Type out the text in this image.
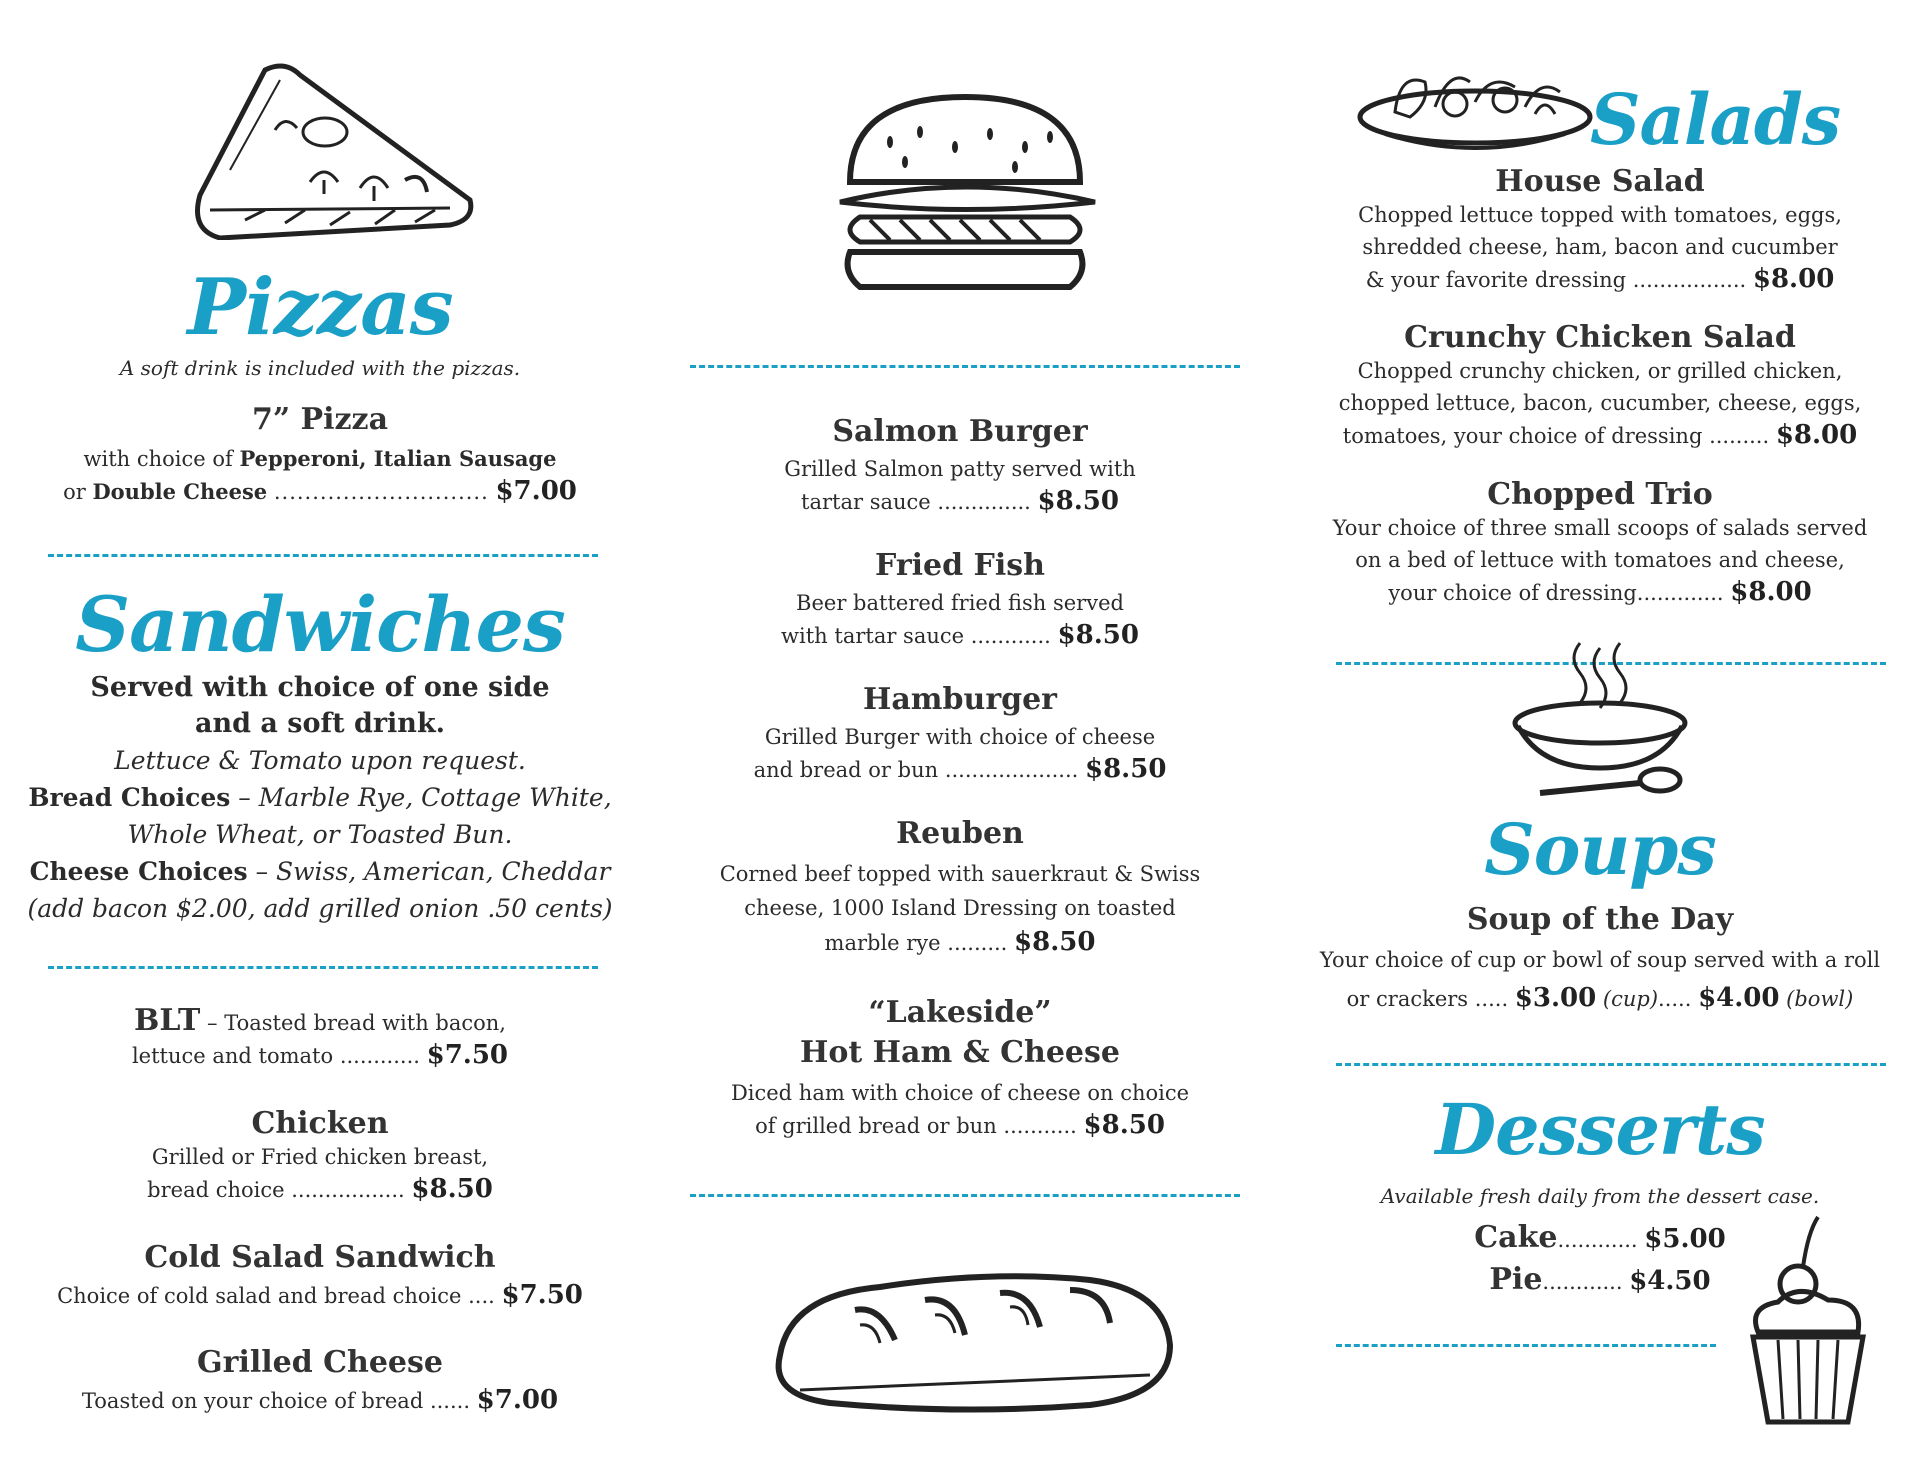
Pizzas

A soft drink is included with the pizzas.

7” Pizza

with choice of Pepperoni, Italian Sausage

or Double Cheese ............................ $7.00

Sandwiches

Served with choice of one side

and a soft drink.

Lettuce & Tomato upon request.

Bread Choices – Marble Rye, Cottage White,

Whole Wheat, or Toasted Bun.

Cheese Choices – Swiss, American, Cheddar

(add bacon $2.00, add grilled onion .50 cents)

BLT – Toasted bread with bacon,

lettuce and tomato ............ $7.50

Chicken

Grilled or Fried chicken breast,

bread choice ................. $8.50

Cold Salad Sandwich

Choice of cold salad and bread choice .... $7.50

Grilled Cheese

Toasted on your choice of bread ...... $7.00

Salmon Burger

Grilled Salmon patty served with

tartar sauce .............. $8.50

Fried Fish

Beer battered fried fish served

with tartar sauce ............ $8.50

Hamburger

Grilled Burger with choice of cheese

and bread or bun .................... $8.50

Reuben

Corned beef topped with sauerkraut & Swiss

cheese, 1000 Island Dressing on toasted

marble rye ......... $8.50

“Lakeside”

Hot Ham & Cheese

Diced ham with choice of cheese on choice

of grilled bread or bun ........... $8.50

Salads

House Salad

Chopped lettuce topped with tomatoes, eggs,

shredded cheese, ham, bacon and cucumber

& your favorite dressing ................. $8.00

Crunchy Chicken Salad

Chopped crunchy chicken, or grilled chicken,

chopped lettuce, bacon, cucumber, cheese, eggs,

tomatoes, your choice of dressing ......... $8.00

Chopped Trio

Your choice of three small scoops of salads served

on a bed of lettuce with tomatoes and cheese,

your choice of dressing............. $8.00

Soups

Soup of the Day

Your choice of cup or bowl of soup served with a roll

or crackers ..... $3.00 (cup)..... $4.00 (bowl)

Desserts

Available fresh daily from the dessert case.

Cake............ $5.00

Pie............ $4.50
